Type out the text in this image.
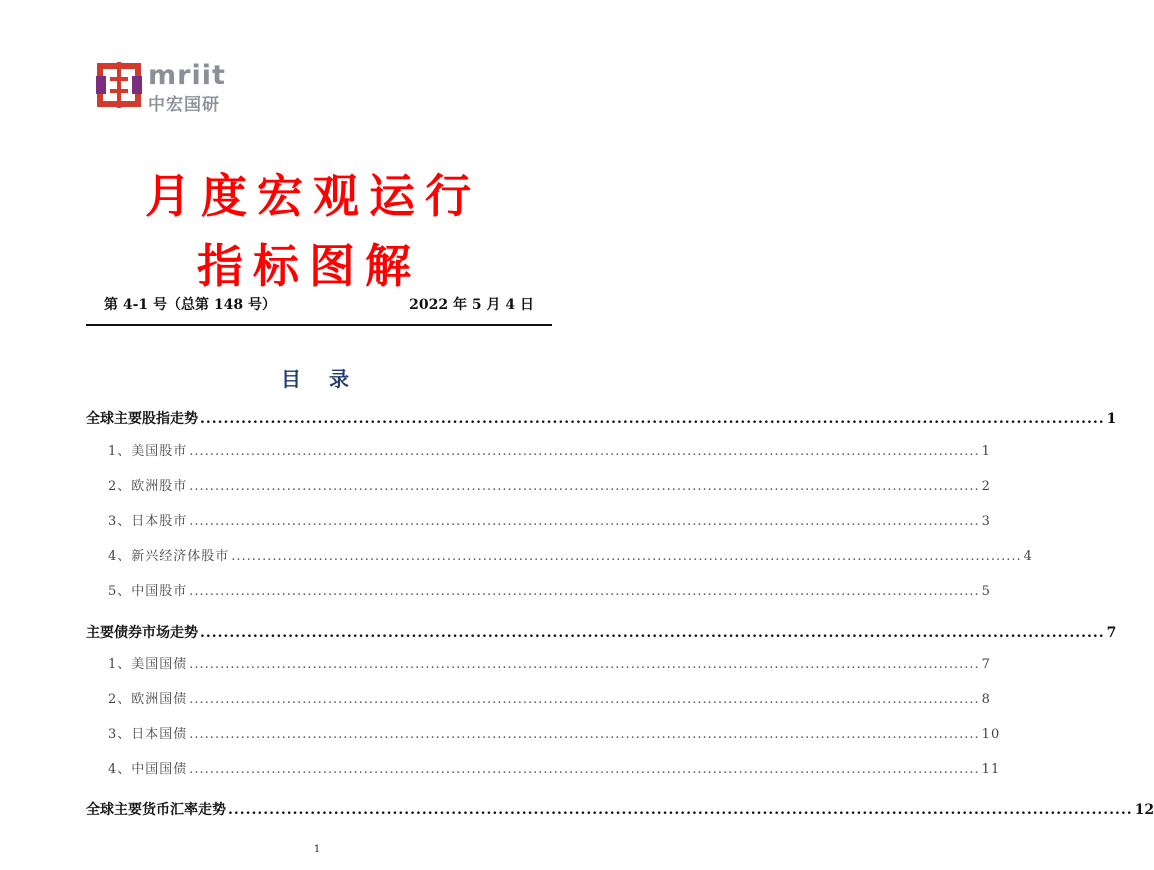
mriit
中宏国研
月度宏观运行
指标图解
第 4-1 号（总第 148 号）	2022 年 5 月 4 日
目录
全球主要股指走势 .......................................................................................................................................................... 1
1、美国股市 .......................................................................................................................................................... 1
2、欧洲股市 .......................................................................................................................................................... 2
3、日本股市 .......................................................................................................................................................... 3
4、新兴经济体股市 .......................................................................................................................................................... 4
5、中国股市 .......................................................................................................................................................... 5
主要债券市场走势 .......................................................................................................................................................... 7
1、美国国债 .......................................................................................................................................................... 7
2、欧洲国债 .......................................................................................................................................................... 8
3、日本国债 .......................................................................................................................................................... 10
4、中国国债 .......................................................................................................................................................... 11
全球主要货币汇率走势 .......................................................................................................................................................... 12
1
